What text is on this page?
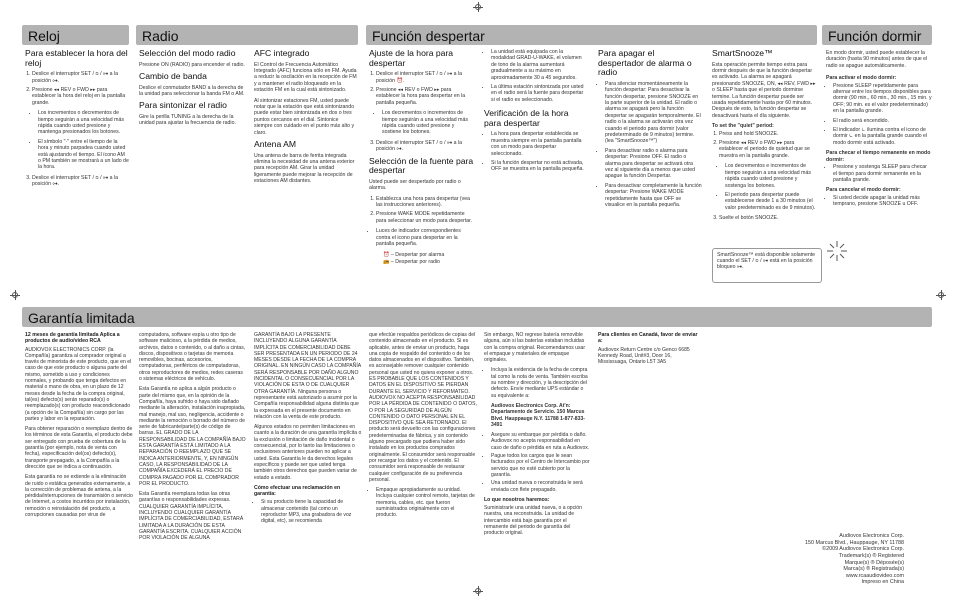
Reloj	Radio	Función despertar	Función dormir
Garantía limitada
Para establecer la hora del reloj
1. Deslice el interruptor SET / ⦸ / ⊶ a la posición ⊶.
2. Presione ◂◂ REV o FWD ▸▸ para establecer la hora del reloj en la pantalla grande.
• Los incrementos o decrementos de tiempo seguirán a una velocidad más rápida cuando usted presione y mantenga presionados los botones.
• El símbolo "·" entre el tiempo de la hora y minuto parpadea cuando usted está ajustando el tiempo. El ícono AM o PM también se mostrará a un lado de la hora.
3. Deslice el interruptor SET / ⦸ / ⊶ a la posición ⊶.
Selección del modo radio

Presione ON (RADIO) para encender el radio.

Cambio de banda

Deslice el conmutador BAND a la derecha de la unidad para seleccionar la banda FM o AM.

Para sintonizar el radio

Gire la perilla TUNING a la derecha de la unidad para ajustar la frecuencia de radio.

AFC integrado

El Control de Frecuencia Automático Integrado (AFC) funciona sólo en FM. Ayuda a reducir la oscilación en la recepción de FM y a mantener el radio bloqueado en la estación FM en la cual está sintonizado.

Al sintonizar estaciones FM, usted puede notar que la estación que está sintonizando puede estar bien sintonizada en dos o tres puntos cercanos en el dial. Sintonice siempre con cuidado en el punto más alto y claro.

Antena AM

Una antena de barra de ferrita integrada elimina la necesidad de una antena exterior para recepción AM. Girar la unidad ligeramente puede mejorar la recepción de estaciones AM distantes.

Ajuste de la hora para despertar
1. Deslice el interruptor SET / ⦸ / ⊶ a la posición ⏰.
2. Presione ◂◂ REV o FWD ▸▸ para establecer la hora para despertar en la pantalla pequeña.
• Los decrementos o incrementos de tiempo seguirán a una velocidad más rápida cuando usted presione y sostiene los botones.
3. Deslice el interruptor SET / ⦸ / ⊶ a la posición ⊶.
Selección de la fuente para despertar

Usted puede ser despertado por radio o alarma.

1. Establezca una hora para despertar (vea las instrucciones anteriores).
2. Presione WAKE MODE repetidamente para seleccionar un modo para despertar.
• Luces de indicador correspondientes contra el icono para despertar en la pantalla pequeña.

⏰ – Despertar por alarma

📻 – Despertar por radio

• La unidad está equipada con la modalidad GRAD-U-WAKE, el volumen de tono de la alarma aumentará gradualmente a su máximo en aproximadamente 30 a 45 segundos.
• La última estación sintonizada por usted en el radio será la fuente para despertar si el radio es seleccionado.
Verificación de la hora para despertar
• La hora para despertar establecida se muestra siempre en la pantalla pantalla con un modo para despertar seleccionado.
• Si la función despertar no está activada, OFF se muestra en la pantalla pequeña.
Para apagar el despertador de alarma o radio
• Para silenciar momentáneamente la función despertar: Para desactivar la función despertar, presione SNOOZE en la parte superior de la unidad. El radio o alarma se apagará pero la función despertar se apagarán temporalmente. El radio o la alarma se activarán otra vez cuando el periodo para dormir (valor predeterminado de 9 minutos) termine. (lea "SmartSnooze™")
• Para desactivar radio o alarma para despertar: Presione OFF. El radio o alarma para despertar se activará otra vez al siguiente día a menos que usted apague la función Despertar.
• Para desactivar completamente la función despertar: Presione WAKE MODE repetidamente hasta que OFF se visualice en la pantalla pequeña.
SmartSnooze™

Esta operación permite tiempo extra para dormir después de que la función despertar es activado. La alarma se apagará presionando SNOOZE, ON, ◂◂ REV, FWD ▸▸ o SLEEP hasta que el periodo dormirse termine. La función despertar puede ser usada repetidamente hasta por 60 minutos. Después de esto, la función despertar se desactivará hasta el día siguiente.

To set the "quiet" period:

1. Press and hold SNOOZE.
2. Presione ◂◂ REV o FWD ▸▸ para establecer el periodo de quietud que se muestra en la pantalla grande.
• Los decrementos e incrementos de tiempo seguirán a una velocidad más rápida cuando usted presione y sostenga los botones.
• El periodo para despertar puede establecerse desde 1 a 30 minutos (el valor predeterminado es de 9 minutos).
3. Suelte el botón SNOOZE.
SmartSnooze™ está disponible solamente cuando el SET / ⦸ / ⊶ está en la posición bloqueo ⊶.

En modo dormir, usted puede establecer la duración (hasta 90 minutos) antes de que el radio se apague automáticamente.

Para activar el modo dormir:

• Presione SLEEP repetidamente para alternar entre los tiempos disponibles para dormir (90 min., 60 min., 30 min., 15 min. y OFF; 90 min. es el valor predeterminado) en la pantalla grande.
• El radio será encendido.
• El indicador ⏾ ilumina contra el icono de dormir ⏾ en la pantalla grande cuando el modo dormir está activado.

Para checar el tiempo remanente en modo dormir:

• Presione y sostenga SLEEP para checar el tiempo para dormir remanente en la pantalla grande.

Para cancelar el modo dormir:

• Si usted decide apagar la unidad más temprano, presione SNOOZE u OFF.
12 meses de garantía limitada Aplica a productos de audio/video RCA

AUDIOVOX ELECTRONICS CORP. (la Compañía) garantiza al comprador original a través de minorista de este producto, que en el caso de que este producto o alguna parte del mismo, sometido a uso y condiciones normales, y probando que tenga defectos en material o mano de obra, en un plazo de 12 meses desde la fecha de la compra original, tal(es) defecto(s) serán reparado(s) o reemplazado(s) con producto reacondicionado (a opción de la Compañía) sin cargo por las partes y labor en la reparación.

Para obtener reparación o reemplazo dentro de los términos de esta Garantía, el producto debe ser entregado con prueba de cobertura de la garantía (por ejemplo, nota de venta con fecha), especificación del(os) defecto(s), transporte prepagado, a la Compañía a la dirección que se indica a continuación.

Esta garantía no se extiende a la eliminación de ruido o estática generados externamente, a la corrección de problemas de antena, a la pérdida/interrupciones de transmisión o servicio de Internet, a costos incurridos por instalación, remoción o reinstalación del producto, a corrupciones causadas por virus de

computadora, software espía u otro tipo de software malicioso, a la pérdida de medios, archivos, datos o contenido, o al daño a cintas, discos, dispositivos o tarjetas de memoria removibles, bocinas, accesorios, computadoras, periféricos de computadoras, otros reproductores de medios, redes caseras o sistemas eléctricos de vehículo.

Esta Garantía no aplica a algún producto o parte del mismo que, en la opinión de la Compañía, haya sufrido o haya sido dañado mediante la alteración, instalación inapropiada, mal manejo, mal uso, negligencia, accidente o mediante la remoción o borrado del número de serie de fabricante/parte(s) de código de barras. EL GRADO DE LA RESPONSABILIDAD DE LA COMPAÑÍA BAJO ESTA GARANTÍA ESTÁ LIMITADO A LA REPARACIÓN O REEMPLAZO QUE SE INDICA ANTERIORMENTE, Y, EN NINGÚN CASO, LA RESPONSABILIDAD DE LA COMPAÑÍA EXCEDERÁ EL PRECIO DE COMPRA PAGADO POR EL COMPRADOR POR EL PRODUCTO.

Esta Garantía reemplaza todas las otras garantías o responsabilidades expresas. CUALQUIER GARANTÍA IMPLÍCITA, INCLUYENDO CUALQUIER GARANTÍA IMPLÍCITA DE COMERCIABILIDAD, ESTARÁ LIMITADA A LA DURACIÓN DE ESTA GARANTÍA ESCRITA. CUALQUIER ACCIÓN POR VIOLACIÓN DE ALGUNA

GARANTÍA BAJO LA PRESENTE INCLUYENDO ALGUNA GARANTÍA IMPLÍCITA DE COMERCIABILIDAD DEBE SER PRESENTADA EN UN PERIODO DE 24 MESES DESDE LA FECHA DE LA COMPRA ORIGINAL. EN NINGÚN CASO LA COMPAÑÍA SERÁ RESPONSABLE POR DAÑO ALGUNO INCIDENTAL O CONSECUENCIAL POR LA VIOLACIÓN DE ESTA O DE CUALQUIER OTRA GARANTÍA. Ninguna persona o representante está autorizado a asumir por la Compañía responsabilidad alguna distinta que la expresada en el presente documento en relación con la venta de este producto.

Algunos estados no permiten limitaciones en cuanto a la duración de una garantía implícita o la exclusión o limitación de daño incidental o consecuencial, por lo tanto las limitaciones o exclusiones anteriores pueden no aplicar a usted. Esta Garantía le da derechos legales específicos y puede ser que usted tenga también otros derechos que pueden variar de estado a estado.

Cómo efectuar una reclamación en garantía:
• Si su producto tiene la capacidad de almacenar contenido (tal como un reproductor MP3, una grabadora de voz digital, etc), se recomienda

que efectúe respaldos periódicos de copias del contenido almacenado en el producto. Si es aplicable, antes de enviar un producto, haga una copia de respaldo del contenido o de los datos almacenados en el dispositivo. También, es aconsejable remover cualquier contenido personal que usted no quiera exponer a otros. ES PROBABLE QUE LOS CONTENIDOS Y DATOS EN EL DISPOSITIVO SE PIERDAN DURANTE EL SERVICIO Y REFORMATEO. AUDIOVOX NO ACEPTA RESPONSABILIDAD POR LA PÉRDIDA DE CONTENIDO O DATOS, O POR LA SEGURIDAD DE ALGÚN CONTENIDO O DATO PERSONAL EN EL DISPOSITIVO QUE SEA RETORNADO. El producto será devuelto con las configuraciones predeterminadas de fábrica, y sin contenido alguno precargado que pudiera haber sido instalado en los productos comprados originalmente. El consumidor será responsable por recargar los datos y el contenido. El consumidor será responsable de restaurar cualquier configuración de su preferencia personal.

• Empaque apropiadamente su unidad. Incluya cualquier control remoto, tarjetas de memoria, cables, etc. que fueron suministrados originalmente con el producto.

Sin embargo, NO regrese batería removible alguna, aún si las baterías estaban incluidas con la compra original. Recomendamos usar el empaque y materiales de empaque originales.

• Incluya la evidencia de la fecha de compra tal como la nota de venta. También escriba su nombre y dirección, y la descripción del defecto. Envíe mediante UPS estándar o su equivalente a:

Audiovox Electronics Corp. At'n: Departamento de Servicio. 150 Marcus Blvd. Hauppauge N.Y. 11788 1-877-833-3491

• Asegure su embarque por pérdida o daño. Audiovox no acepta responsabilidad en caso de daño o pérdida en ruta a Audiovox.
• Pague todos los cargos que le sean facturados por el Centro de Intercambio por servicio que no esté cubierto por la garantía.
• Una unidad nueva o reconstruida le será enviada con flete prepagado.
Lo que nosotros haremos:

Suministrarle una unidad nueva, o a opción nuestra, una reconstruida. La unidad de intercambio está bajo garantía por el remanente del periodo de garantía del producto original.

Para clientes en Canadá, favor de enviar a:

Audiovox Return Centre c/o Genco 6685 Kennedy Road, Unit#3, Door 16, Mississuaga, Ontario L5T 3A5

Audiovox Electronics Corp.
150 Marcus Blvd., Hauppauge, NY 11788
©2009 Audiovox Electronics Corp.
Trademark(s) ® Registered
Marque(s) ® Déposée(s)
Marca(s) ® Registrada(s)
www.rcaaudiovideo.com
Impreso en China
